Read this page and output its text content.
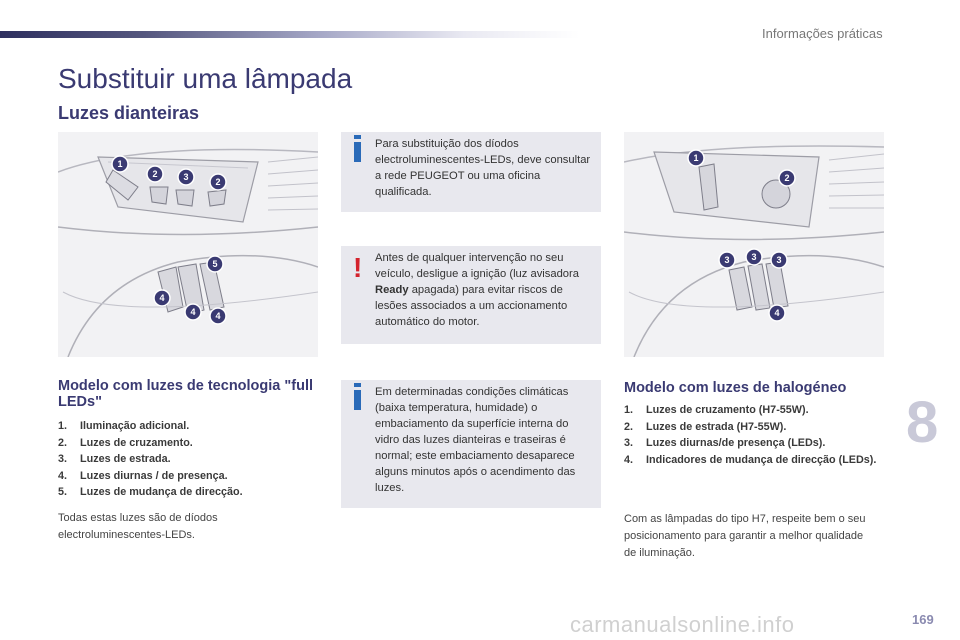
Informações práticas
Substituir uma lâmpada
Luzes dianteiras
1
2	3	2
5
4
4 4
1
2
3 3 3
4
Para substituição dos díodos electroluminescentes-LEDs, deve consultar a rede PEUGEOT ou uma oficina qualificada.
! Antes de qualquer intervenção no seu veículo, desligue a ignição (luz avisadora Ready apagada) para evitar riscos de lesões associados a um accionamento automático do motor.
Em determinadas condições climáticas (baixa temperatura, humidade) o embaciamento da superfície interna do vidro das luzes dianteiras e traseiras é normal; este embaciamento desaparece alguns minutos após o acendimento das luzes.
Modelo com luzes de tecnologia "full LEDs"
1.	Iluminação adicional.
2.	Luzes de cruzamento.
3.	Luzes de estrada.
4.	Luzes diurnas / de presença.
5.	Luzes de mudança de direcção.
Todas estas luzes são de díodos electroluminescentes-LEDs.
Modelo com luzes de halogéneo
1.	Luzes de cruzamento (H7-55W).
2.	Luzes de estrada (H7-55W).
3.	Luzes diurnas/de presença (LEDs).
4.	Indicadores de mudança de direcção (LEDs).
Com as lâmpadas do tipo H7, respeite bem o seu posicionamento para garantir a melhor qualidade de iluminação.
8
carmanualsonline.info	169
